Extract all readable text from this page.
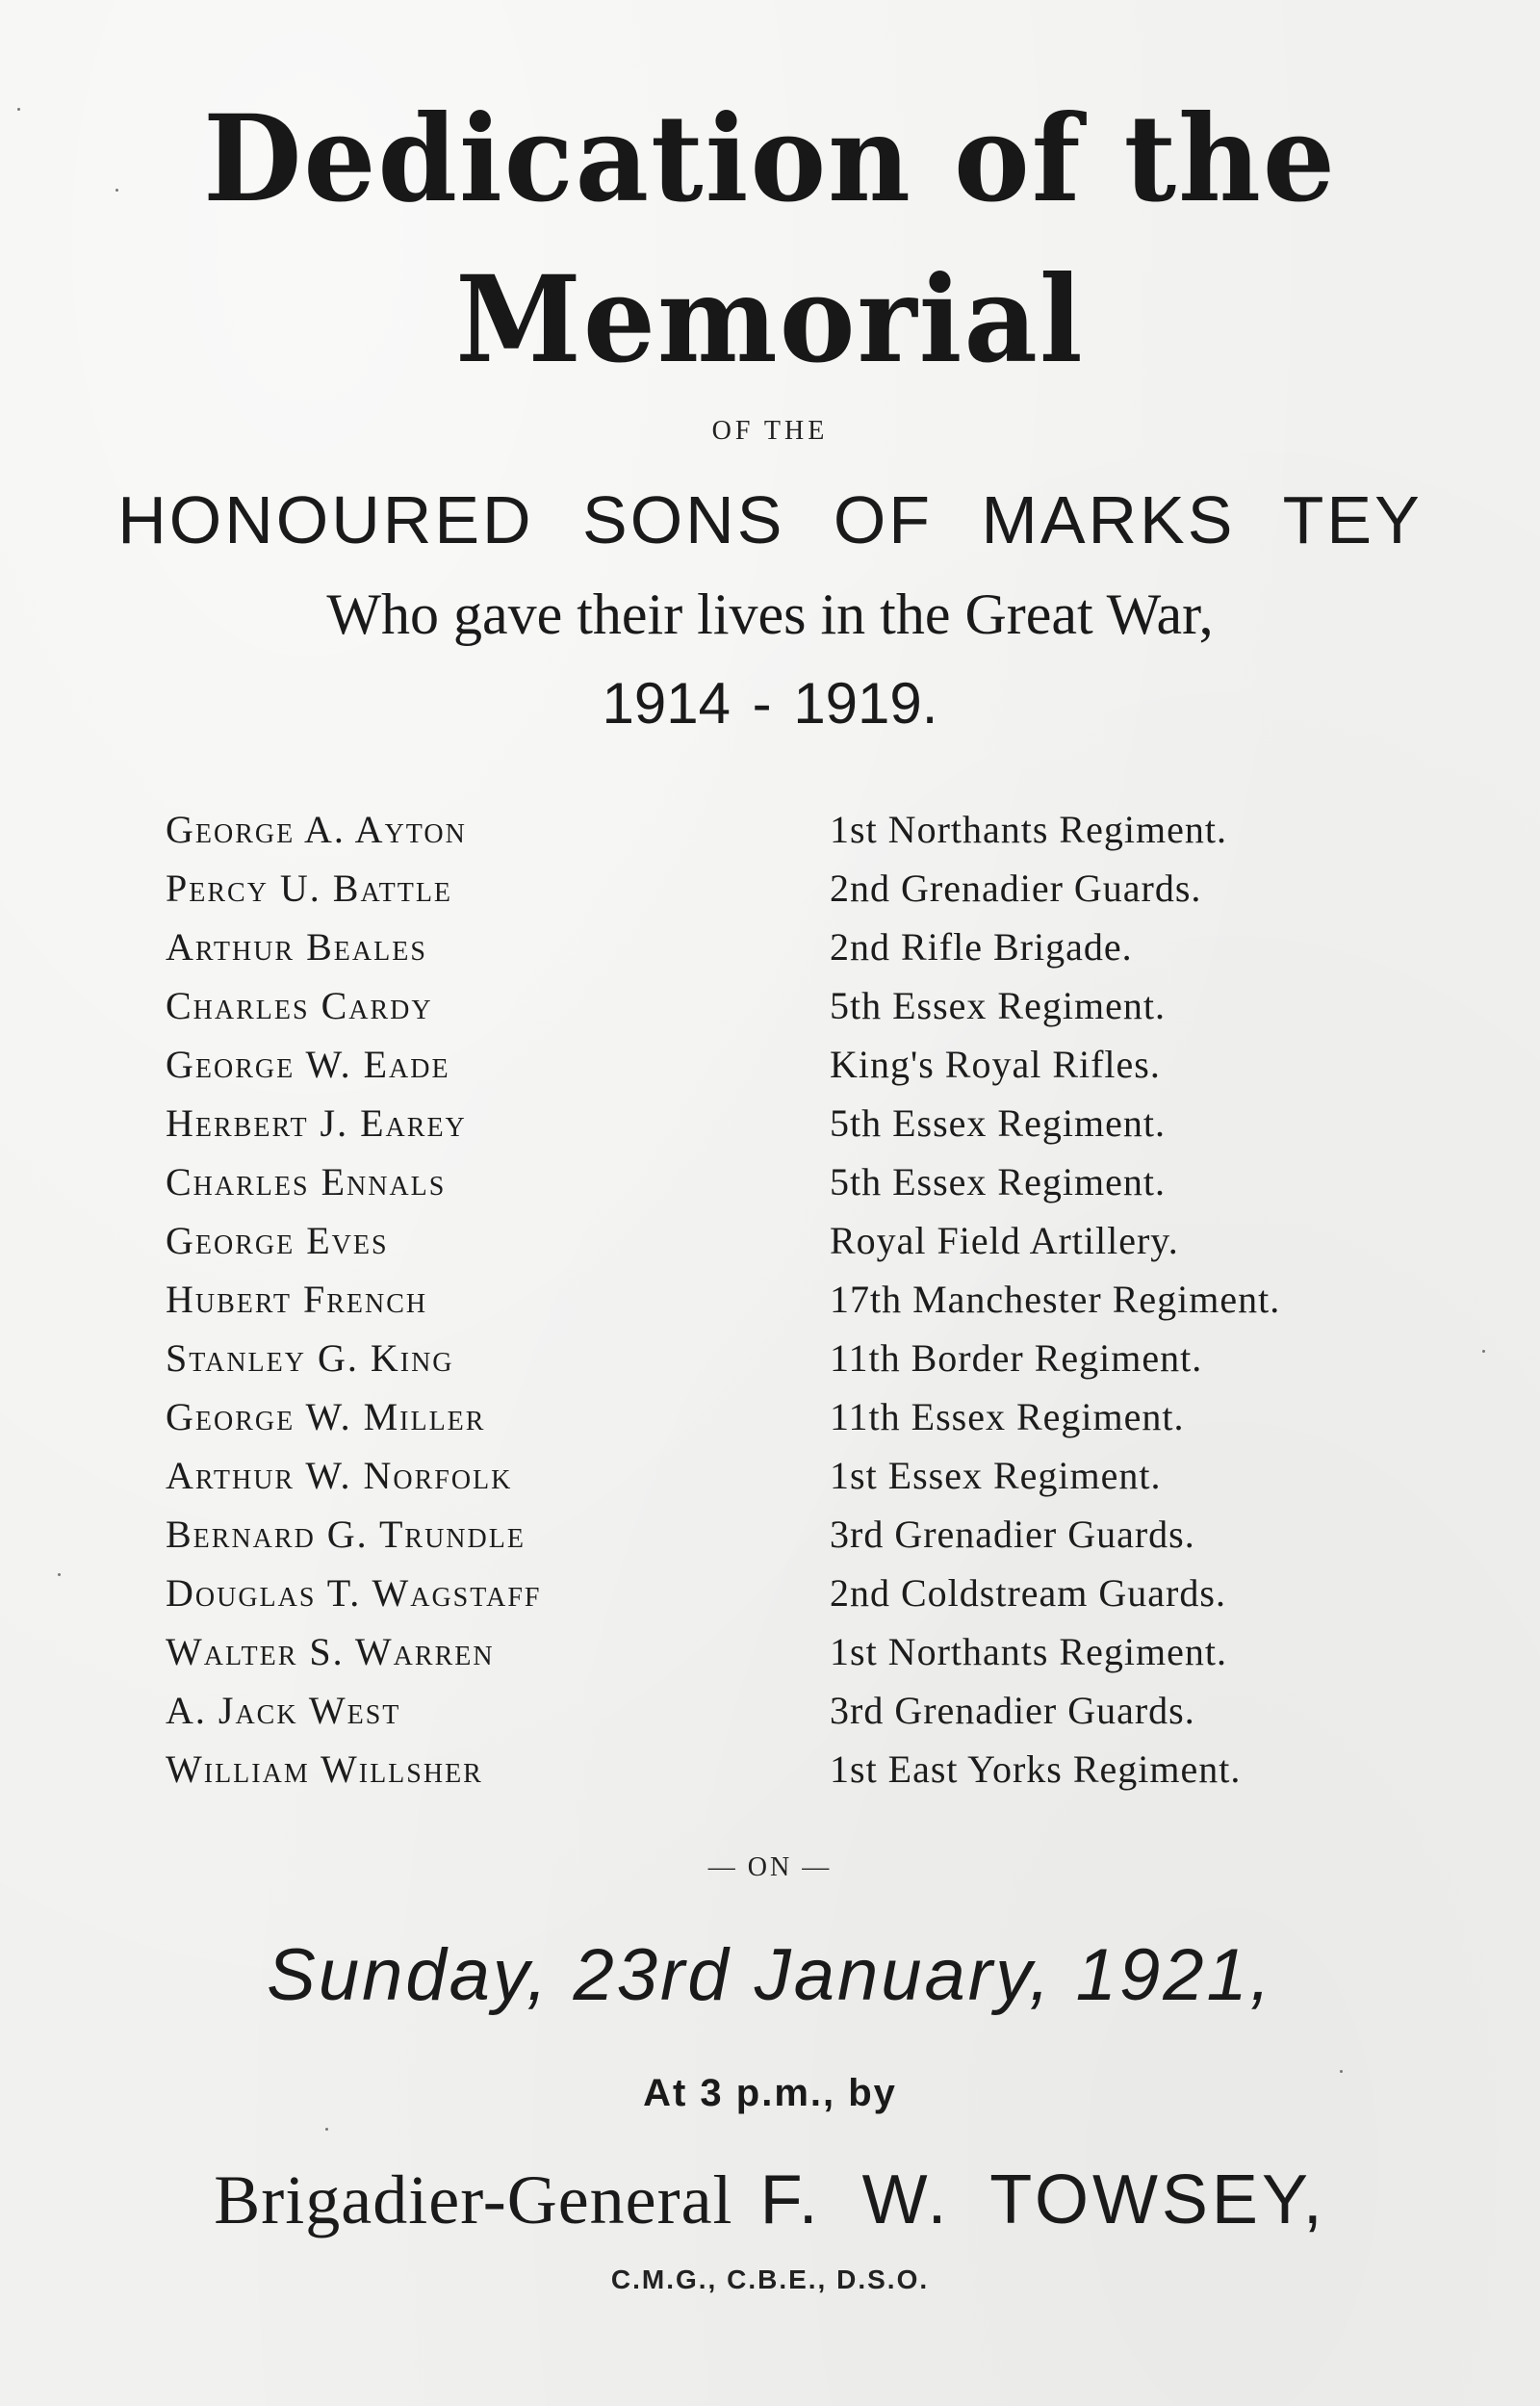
Dedication of the
Memorial
OF THE
HONOURED SONS OF MARKS TEY
Who gave their lives in the Great War,
1914 - 1919.
George A. Ayton	1st Northants Regiment.
Percy U. Battle	2nd Grenadier Guards.
Arthur Beales	2nd Rifle Brigade.
Charles Cardy	5th Essex Regiment.
George W. Eade	King's Royal Rifles.
Herbert J. Earey	5th Essex Regiment.
Charles Ennals	5th Essex Regiment.
George Eves	Royal Field Artillery.
Hubert French	17th Manchester Regiment.
Stanley G. King	11th Border Regiment.
George W. Miller	11th Essex Regiment.
Arthur W. Norfolk	1st Essex Regiment.
Bernard G. Trundle	3rd Grenadier Guards.
Douglas T. Wagstaff	2nd Coldstream Guards.
Walter S. Warren	1st Northants Regiment.
A. Jack West	3rd Grenadier Guards.
William Willsher	1st East Yorks Regiment.
— ON —
Sunday, 23rd January, 1921,
At 3 p.m., by
Brigadier-General F. W. TOWSEY,
C.M.G., C.B.E., D.S.O.
